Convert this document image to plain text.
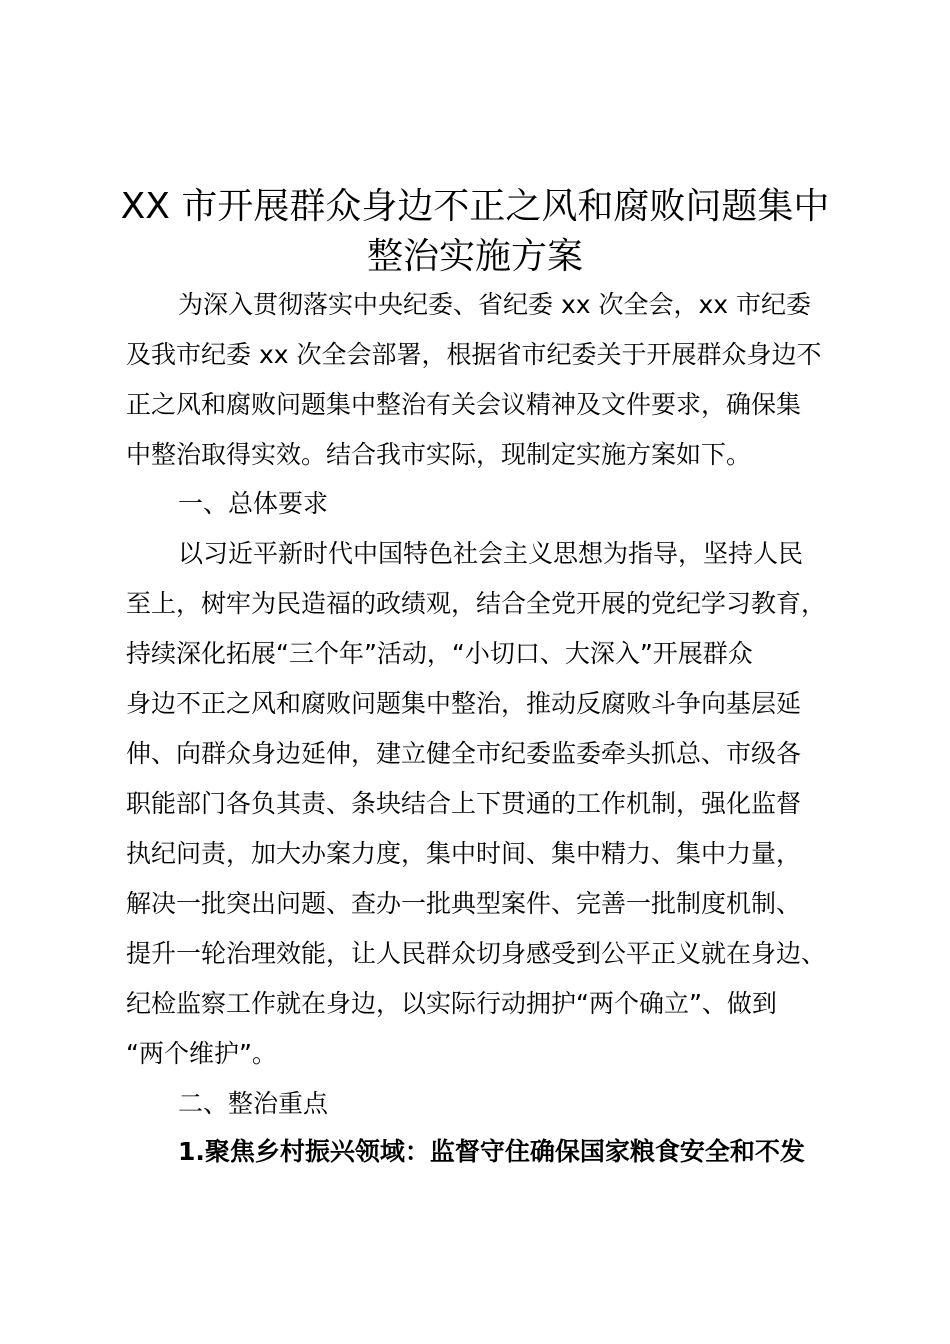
XX 市开展群众身边不正之风和腐败问题集中
整治实施方案
为深入贯彻落实中央纪委、省纪委 xx 次全会，xx 市纪委
及我市纪委 xx 次全会部署，根据省市纪委关于开展群众身边不
正之风和腐败问题集中整治有关会议精神及文件要求，确保集
中整治取得实效。结合我市实际，现制定实施方案如下。
一、总体要求
以习近平新时代中国特色社会主义思想为指导，坚持人民
至上，树牢为民造福的政绩观，结合全党开展的党纪学习教育，
持续深化拓展“三个年”活动，“小切口、大深入”开展群众
身边不正之风和腐败问题集中整治，推动反腐败斗争向基层延
伸、向群众身边延伸，建立健全市纪委监委牵头抓总、市级各
职能部门各负其责、条块结合上下贯通的工作机制，强化监督
执纪问责，加大办案力度，集中时间、集中精力、集中力量，
解决一批突出问题、查办一批典型案件、完善一批制度机制、
提升一轮治理效能，让人民群众切身感受到公平正义就在身边、
纪检监察工作就在身边，以实际行动拥护“两个确立”、做到
“两个维护”。
二、整治重点
1.聚焦乡村振兴领域：监督守住确保国家粮食安全和不发
